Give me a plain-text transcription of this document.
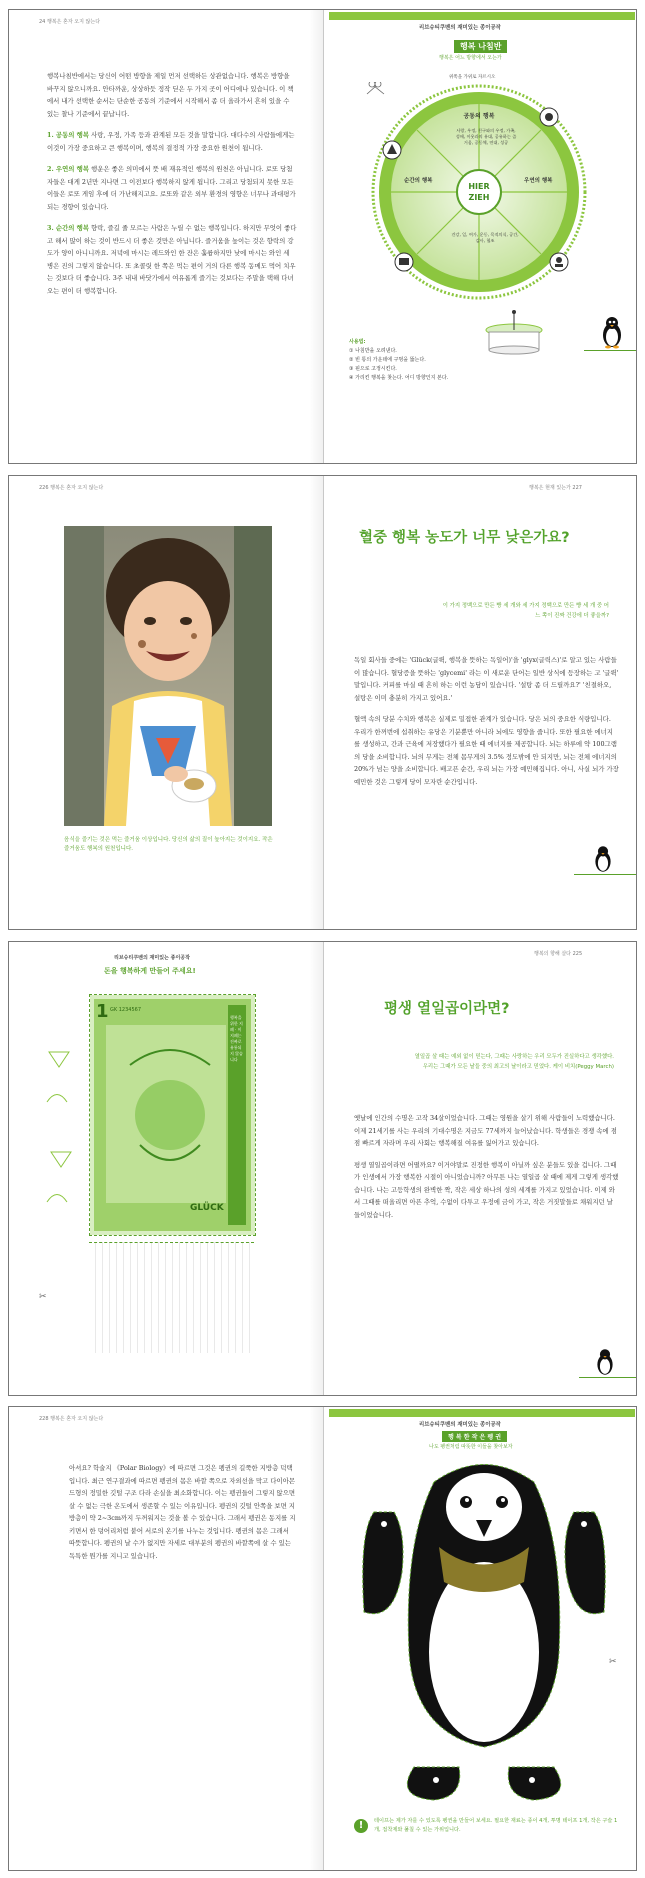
24 행복은 혼자 오지 않는다

행복나침반에서는 당신이 어떤 방향을 제일 먼저 선택하든 상관없습니다. 행복은 방향을 바꾸지 않으니까요. 안타까운, 상상하듯 정작 딛은 두 가지 곳이 어디에나 있습니다. 이 책에서 내가 선택한 순서는 단순한 공동의 기준에서 시작해서 좀 더 올라가서 흔히 있을 수 있는 찰나 기준에서 끝납니다.

1. 공동의 행복 사랑, 우정, 가족 등과 관계된 모든 것을 말합니다. 대다수의 사람들에게는 이것이 가장 중요하고 큰 행복이며, 행복의 결정적 가장 중요한 원천이 됩니다.

2. 우연의 행복 행운은 좋은 의미에서 뜻 배 재유적인 행복의 원천은 아닙니다. 로또 당첨자들은 대게 2년만 지나면 그 이전보다 행복하지 않게 됩니다. 그리고 당첨되지 못한 모든 이들은 로또 게임 후에 더 가난해지고요. 로또와 같은 외부 환경의 영향은 너무나 과대평가되는 경향이 있습니다.

3. 순간의 행복 향락, 즐길 줄 모르는 사람은 누릴 수 없는 행복입니다. 하지만 무엇이 좋다고 해서 많이 하는 것이 반드시 더 좋은 것만은 아닙니다. 즐거움을 높이는 것은 향락의 강도가 양이 아니니까요. 저녁에 마시는 레드와인 한 잔은 훌륭하지만 낮에 마시는 와인 세 병은 진의 그렇지 않습니다. 또 초콜릿 한 쪽은 먹는 편이 거의 다른 행복 동메도 먹어 치우는 것보다 더 좋습니다. 3주 내내 바닷가에서 여유롭게 즐기는 것보다는 주말을 택해 다녀오는 편이 더 행복합니다.

리브슈티쿠벤의 재미있는 종이공작
행복 나침반
행복은 어느 방향에서 오는가
위쪽을 가위로 자르시오
HIER
ZIEH
공동의 행복
순간의 행복	우연의 행복
사랑, 우정, 친구와의 우정, 가족, 성애, 이웃과의 유대, 공유하는 즐거움, 공동체, 연대, 성공
건강, 일, 여가, 운동, 목적의식, 공간, 감사, 협조
사용법:
① 나침반을 오려낸다.
② 빈 통의 가운데에 구멍을 뚫는다.
③ 핀으로 고정시킨다.
④ 가리킨 행복을 찾는다. 어디 방향인지 본다.
226 행복은 혼자 오지 않는다	행복은 현재 있는가 227
음식을 즐기는 것은 먹는 즐거움 이상입니다. 당신의 삶의 질이 높아지는 것이지요. 작은 즐거움도 행복의 원천입니다.
혈중 행복 농도가 너무 낮은가요?
이 가지 정백으로 만든 빵 세 개와 세 가지 정백으로 만든 빵 세 개 중 어느 쪽이 진짜 건강에 더 좋을까?

독일 회사들 중에는 'Glück(글뤽, 행복을 뜻하는 독일어)'을 'glyx(글릭스)'로 알고 있는 사람들이 많습니다. 혈당증을 뜻하는 'glycemi' 라는 이 새로운 단어는 일반 상식에 등장하는 고 '글뤽' 말입니다. 커피를 마실 때 흔히 하는 이런 농담이 있습니다. '설탕 좀 더 드릴까요?' '친절하오, 설탕은 이미 충분히 가지고 있어요.'

혈액 속의 당분 수치와 행복은 실제로 밀접한 관계가 있습니다. 당은 뇌의 중요한 식량입니다. 우리가 한꺼번에 섭취하는 유당은 기분뿐만 아니라 뇌에도 영향을 줍니다. 또한 필요한 에너지를 생성하고, 간과 근육에 저장했다가 필요한 때 에너지를 제공합니다. 뇌는 하루에 약 100그램의 당을 소비합니다. 뇌의 무게는 전체 몸무게의 3.5% 정도밖에 안 되지만, 뇌는 전체 에너지의 20%가 넘는 양을 소비합니다. 배고픈 순간, 우리 뇌는 가장 예민해집니다. 아니, 사실 뇌가 가장 예민한 것은 그렇게 당이 모자란 순간입니다.

리브슈티쿠벤의 재미있는 종이공작
돈을 행복하게 만들어 주세요!
✂
1
GLÜCK
GK 1234567
행복을 위한 지폐 · 이 지폐는 진짜로 유통되지 않습니다
행복의 향해 살다 225
평생 열일곱이라면?
열일곱 살 때는 예외 없이 믿는다, 그때는 사랑하는 우리 모두가 진실하다고 생각했다. 우리는 그때가 모든 날들 중의 최고의 날이라고 믿었다. 케이 비치(Peggy March)

옛날에 인간의 수명은 고작 34살이었습니다. 그때는 영원을 살기 위해 사람들이 노력했습니다. 이제 21세기를 사는 우리의 기대수명은 지금도 77세까지 늘어났습니다. 학생들은 경쟁 속에 점점 빠르게 자라며 우리 사회는 행복해질 여유를 잃어가고 있습니다.

평생 열일곱이라면 어떨까요? 이거야말로 진정한 행복이 아닐까 싶은 분들도 있을 겁니다. 그때가 인생에서 가장 행복한 시절이 아니었습니까? 아무튼 나는 열일곱 살 때에 제게 그렇게 생각했습니다. 나는 고등학생의 완벽한 짝, 작은 세상 하나의 성의 세계를 가지고 있었습니다. 이제 와서 그때를 떠올리면 아픈 추억, 수없이 다투고 우정에 금이 가고, 작은 거짓말들로 채워지던 날들이었습니다.

228 행복은 혼자 오지 않는다
아셔요? 학술지 《Polar Biology》에 따르면 그것은 펭귄의 길쭉한 지방층 덕택입니다. 최근 연구결과에 따르면 펭귄의 몸은 바깥 쪽으로 자외선을 막고 다이아몬드형의 정밀한 깃털 구조 다라 손실을 최소화합니다. 이는 펭귄들이 그렇지 않으면 살 수 없는 극한 온도에서 생존할 수 있는 이유입니다. 펭귄의 깃털 안쪽을 보면 지방층이 약 2~3cm까지 두꺼워지는 것을 볼 수 있습니다. 그래서 펭귄은 동지를 지키면서 한 덩어리처럼 붙어 서로의 온기를 나누는 것입니다. 펭귄의 몸은 그래서 따뜻합니다. 펭귄의 날 수가 없지만 자세로 대부분의 펭귄의 바깥쪽에 살 수 있는 독특한 뭔가를 지니고 있습니다.
리브슈티쿠벤의 재미있는 종이공작
행 복 한 작 은 펭 귄
나도 펭귄처럼 따뜻한 이들을 찾아보자
✂
!	테이프는 제가 자를 수 있도록 펭귄을 만들어 보세요. 필요한 재료는 종이 4개, 투명 테이프 1개, 작은 구슬 1개, 접착제와 풀칠 수 있는 가위입니다.
